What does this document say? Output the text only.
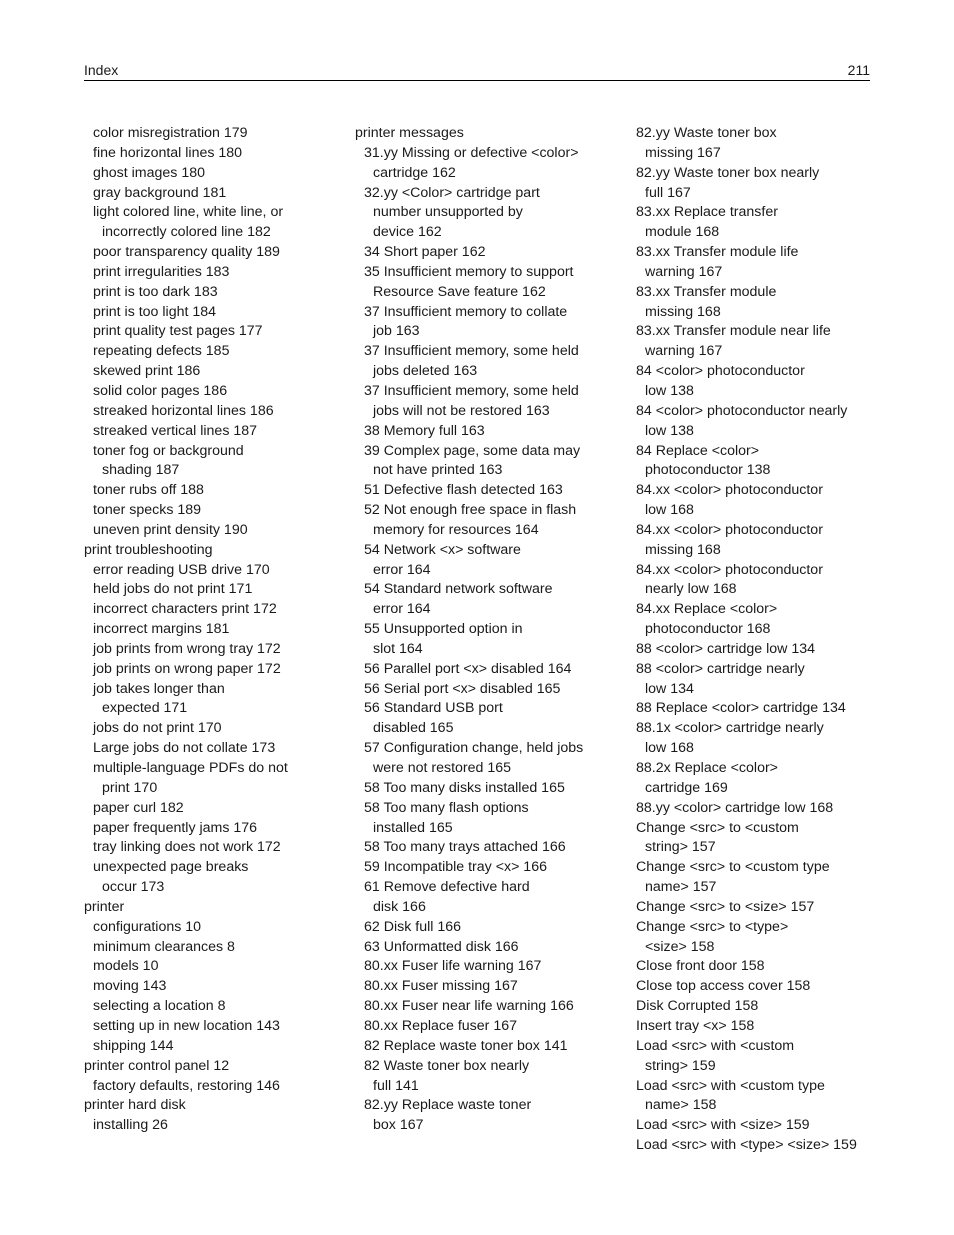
Index	211
color misregistration 179
fine horizontal lines 180
ghost images 180
gray background 181
light colored line, white line, or
incorrectly colored line 182
poor transparency quality 189
print irregularities 183
print is too dark 183
print is too light 184
print quality test pages 177
repeating defects 185
skewed print 186
solid color pages 186
streaked horizontal lines 186
streaked vertical lines 187
toner fog or background
shading 187
toner rubs off 188
toner specks 189
uneven print density 190
print troubleshooting
error reading USB drive 170
held jobs do not print 171
incorrect characters print 172
incorrect margins 181
job prints from wrong tray 172
job prints on wrong paper 172
job takes longer than
expected 171
jobs do not print 170
Large jobs do not collate 173
multiple-language PDFs do not
print 170
paper curl 182
paper frequently jams 176
tray linking does not work 172
unexpected page breaks
occur 173
printer
configurations 10
minimum clearances 8
models 10
moving 143
selecting a location 8
setting up in new location 143
shipping 144
printer control panel 12
factory defaults, restoring 146
printer hard disk
installing 26
printer messages
31.yy Missing or defective <color>
cartridge 162
32.yy <Color> cartridge part
number unsupported by
device 162
34 Short paper 162
35 Insufficient memory to support
Resource Save feature 162
37 Insufficient memory to collate
job 163
37 Insufficient memory, some held
jobs deleted 163
37 Insufficient memory, some held
jobs will not be restored 163
38 Memory full 163
39 Complex page, some data may
not have printed 163
51 Defective flash detected 163
52 Not enough free space in flash
memory for resources 164
54 Network <x> software
error 164
54 Standard network software
error 164
55 Unsupported option in
slot 164
56 Parallel port <x> disabled 164
56 Serial port <x> disabled 165
56 Standard USB port
disabled 165
57 Configuration change, held jobs
were not restored 165
58 Too many disks installed 165
58 Too many flash options
installed 165
58 Too many trays attached 166
59 Incompatible tray <x> 166
61 Remove defective hard
disk 166
62 Disk full 166
63 Unformatted disk 166
80.xx Fuser life warning 167
80.xx Fuser missing 167
80.xx Fuser near life warning 166
80.xx Replace fuser 167
82 Replace waste toner box 141
82 Waste toner box nearly
full 141
82.yy Replace waste toner
box 167
82.yy Waste toner box
missing 167
82.yy Waste toner box nearly
full 167
83.xx Replace transfer
module 168
83.xx Transfer module life
warning 167
83.xx Transfer module
missing 168
83.xx Transfer module near life
warning 167
84 <color> photoconductor
low 138
84 <color> photoconductor nearly
low 138
84 Replace <color>
photoconductor 138
84.xx <color> photoconductor
low 168
84.xx <color> photoconductor
missing 168
84.xx <color> photoconductor
nearly low 168
84.xx Replace <color>
photoconductor 168
88 <color> cartridge low 134
88 <color> cartridge nearly
low 134
88 Replace <color> cartridge 134
88.1x <color> cartridge nearly
low 168
88.2x Replace <color>
cartridge 169
88.yy <color> cartridge low 168
Change <src> to <custom
string> 157
Change <src> to <custom type
name> 157
Change <src> to <size> 157
Change <src> to <type>
<size> 158
Close front door 158
Close top access cover 158
Disk Corrupted 158
Insert tray <x> 158
Load <src> with <custom
string> 159
Load <src> with <custom type
name> 158
Load <src> with <size> 159
Load <src> with <type> <size> 159
